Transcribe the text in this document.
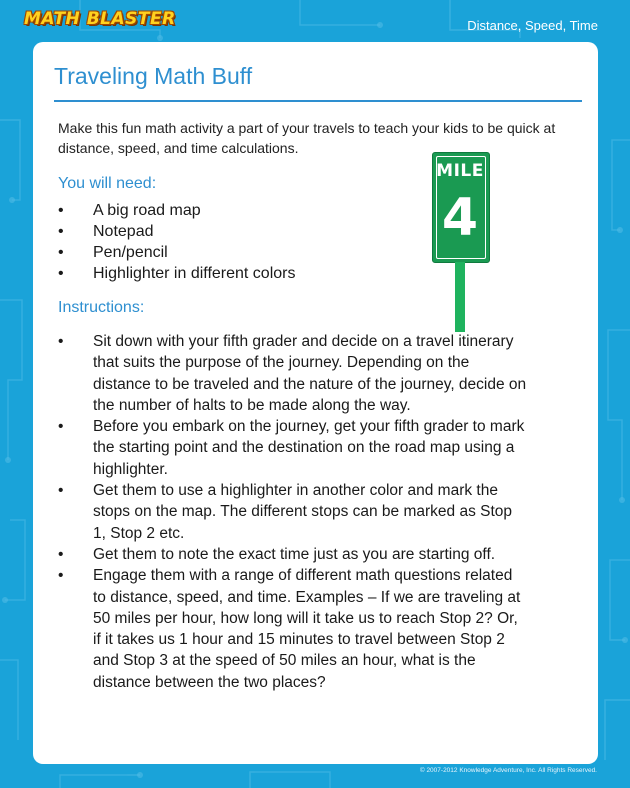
MATH BLASTER	Distance, Speed, Time
Traveling Math Buff
Make this fun math activity a part of your travels to teach your kids to be quick at distance, speed, and time calculations.
You will need:
• A big road map
• Notepad
• Pen/pencil
• Highlighter in different colors
Instructions:
• Sit down with your fifth grader and decide on a travel itinerary that suits the purpose of the journey. Depending on the distance to be traveled and the nature of the journey, decide on the number of halts to be made along the way.
• Before you embark on the journey, get your fifth grader to mark the starting point and the destination on the road map using a highlighter.
• Get them to use a highlighter in another color and mark the stops on the map. The different stops can be marked as Stop 1, Stop 2 etc.
• Get them to note the exact time just as you are starting off.
• Engage them with a range of different math questions related to distance, speed, and time. Examples – If we are traveling at 50 miles per hour, how long will it take us to reach Stop 2? Or, if it takes us 1 hour and 15 minutes to travel between Stop 2 and Stop 3 at the speed of 50 miles an hour, what is the distance between the two places?
MILE
4
© 2007-2012 Knowledge Adventure, Inc. All Rights Reserved.
